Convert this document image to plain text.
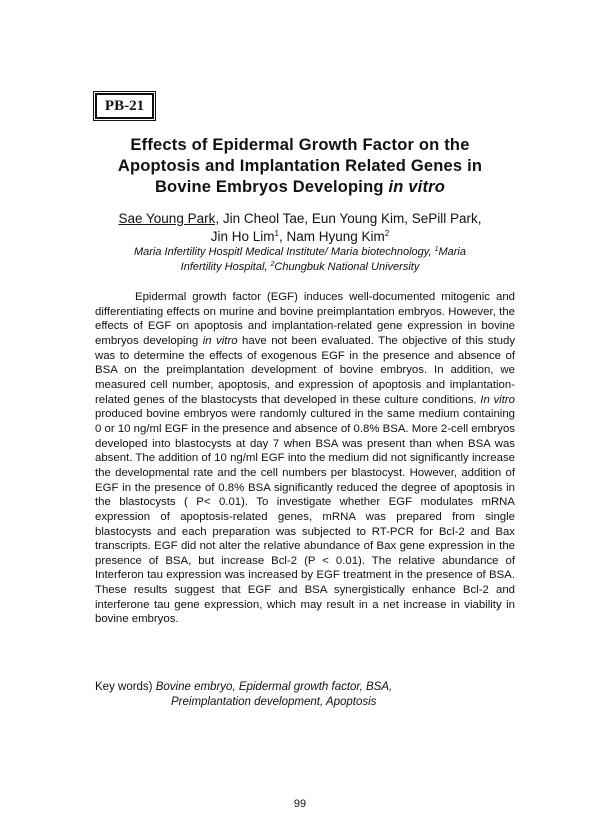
PB-21
Effects of Epidermal Growth Factor on the
Apoptosis and Implantation Related Genes in
Bovine Embryos Developing in vitro
Sae Young Park, Jin Cheol Tae, Eun Young Kim, SePill Park,
Jin Ho Lim$^1$, Nam Hyung Kim$^2$
Maria Infertility Hospitl Medical Institute/ Maria biotechnology, $^1$Maria
Infertility Hospital, $^2$Chungbuk National University

Epidermal growth factor (EGF) induces well-documented mitogenic and differentiating effects on murine and bovine preimplantation embryos. However, the effects of EGF on apoptosis and implantation-related gene expression in bovine embryos developing in vitro have not been evaluated. The objective of this study was to determine the effects of exogenous EGF in the presence and absence of BSA on the preimplantation development of bovine embryos. In addition, we measured cell number, apoptosis, and expression of apoptosis and implantation-related genes of the blastocysts that developed in these culture conditions. In vitro produced bovine embryos were randomly cultured in the same medium containing 0 or 10 ng/ml EGF in the presence and absence of 0.8% BSA. More 2-cell embryos developed into blastocysts at day 7 when BSA was present than when BSA was absent. The addition of 10 ng/ml EGF into the medium did not significantly increase the developmental rate and the cell numbers per blastocyst. However, addition of EGF in the presence of 0.8% BSA significantly reduced the degree of apoptosis in the blastocysts ( P< 0.01). To investigate whether EGF modulates mRNA expression of apoptosis-related genes, mRNA was prepared from single blastocysts and each preparation was subjected to RT-PCR for Bcl-2 and Bax transcripts. EGF did not alter the relative abundance of Bax gene expression in the presence of BSA, but increase Bcl-2 (P < 0.01). The relative abundance of Interferon tau expression was increased by EGF treatment in the presence of BSA. These results suggest that EGF and BSA synergistically enhance Bcl-2 and interferone tau gene expression, which may result in a net increase in viability in bovine embryos.

Key words) Bovine embryo, Epidermal growth factor, BSA,
Preimplantation development, Apoptosis
99
